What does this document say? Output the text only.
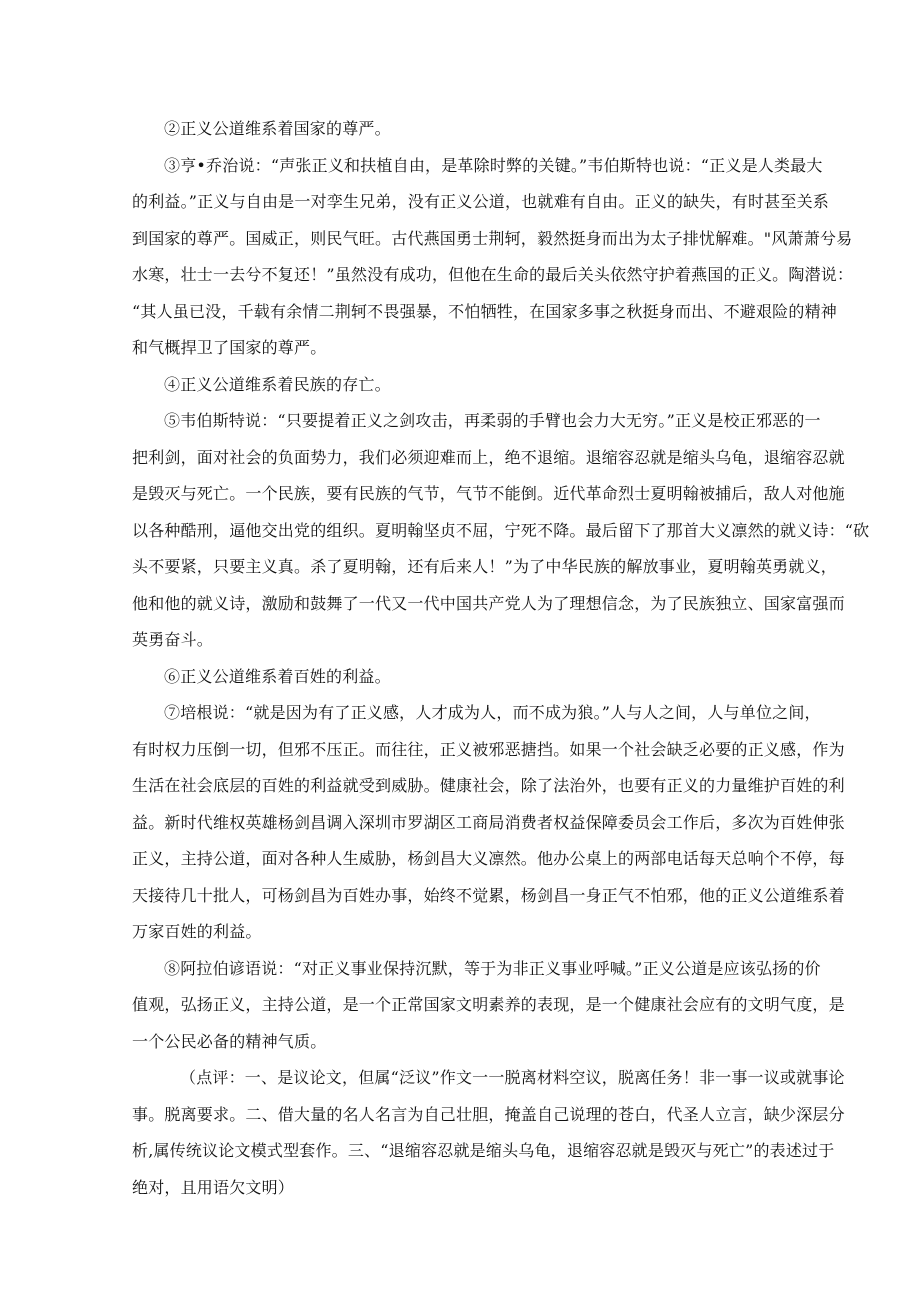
②正义公道维系着国家的尊严。
③亨•乔治说：“声张正义和扶植自由，是革除时弊的关键。”韦伯斯特也说：“正义是人类最大
的利益。”正义与自由是一对孪生兄弟，没有正义公道，也就难有自由。正义的缺失，有时甚至关系
到国家的尊严。国威正，则民气旺。古代燕国勇士荆轲，毅然挺身而出为太子排忧解难。"风萧萧兮易
水寒，壮士一去兮不复还！”虽然没有成功，但他在生命的最后关头依然守护着燕国的正义。陶潜说：
“其人虽已没，千载有余情二荆轲不畏强暴，不怕牺牲，在国家多事之秋挺身而出、不避艰险的精神
和气概捍卫了国家的尊严。
④正义公道维系着民族的存亡。
⑤韦伯斯特说：“只要提着正义之剑攻击，再柔弱的手臂也会力大无穷。”正义是校正邪恶的一
把利剑，面对社会的负面势力，我们必须迎难而上，绝不退缩。退缩容忍就是缩头乌龟，退缩容忍就
是毁灭与死亡。一个民族，要有民族的气节，气节不能倒。近代革命烈士夏明翰被捕后，敌人对他施
以各种酷刑，逼他交出党的组织。夏明翰坚贞不屈，宁死不降。最后留下了那首大义凛然的就义诗：“砍
头不要紧，只要主义真。杀了夏明翰，还有后来人！”为了中华民族的解放事业，夏明翰英勇就义，
他和他的就义诗，激励和鼓舞了一代又一代中国共产党人为了理想信念，为了民族独立、国家富强而
英勇奋斗。
⑥正义公道维系着百姓的利益。
⑦培根说：“就是因为有了正义感，人才成为人，而不成为狼。”人与人之间，人与单位之间，
有时权力压倒一切，但邪不压正。而往往，正义被邪恶搪挡。如果一个社会缺乏必要的正义感，作为
生活在社会底层的百姓的利益就受到威胁。健康社会，除了法治外，也要有正义的力量维护百姓的利
益。新时代维权英雄杨剑昌调入深圳市罗湖区工商局消费者权益保障委员会工作后，多次为百姓伸张
正义，主持公道，面对各种人生威胁，杨剑昌大义凛然。他办公桌上的两部电话每天总响个不停，每
天接待几十批人，可杨剑昌为百姓办事，始终不觉累，杨剑昌一身正气不怕邪，他的正义公道维系着
万家百姓的利益。
⑧阿拉伯谚语说：“对正义事业保持沉默，等于为非正义事业呼喊。”正义公道是应该弘扬的价
值观，弘扬正义，主持公道，是一个正常国家文明素养的表现，是一个健康社会应有的文明气度，是
一个公民必备的精神气质。
（点评：一、是议论文，但属“泛议”作文一一脱离材料空议，脱离任务！非一事一议或就事论
事。脱离要求。二、借大量的名人名言为自己壮胆，掩盖自己说理的苍白，代圣人立言，缺少深层分
析,属传统议论文模式型套作。三、“退缩容忍就是缩头乌龟，退缩容忍就是毁灭与死亡”的表述过于
绝对，且用语欠文明）
